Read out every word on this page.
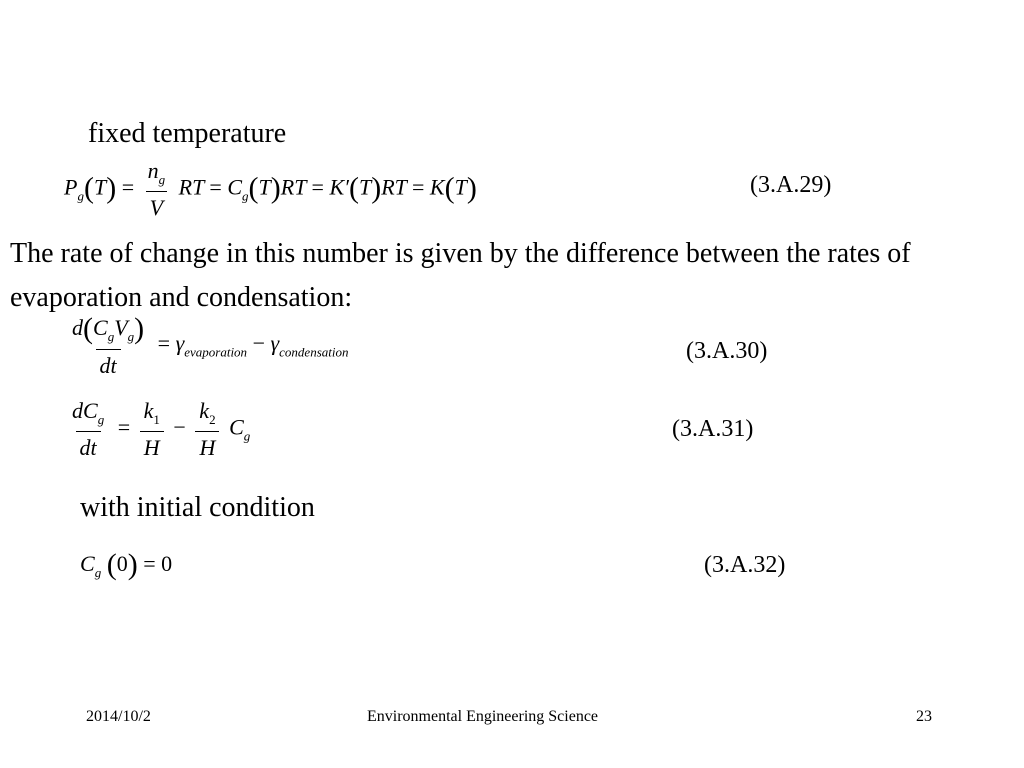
fixed temperature
$P_g(T) = \frac{n_g}{V}$ RT = $C_g(T)RT = K'(T)RT = K(T)$	(3.A.29)
The rate of change in this number is given by the difference between the rates of evaporation and condensation:
$\frac{d(C_gV_g)}{dt} = \gamma_{evaporation} - \gamma_{condensation}$	(3.A.30)
$\frac{dC_g}{dt} = \frac{k_1}{H} - \frac{k_2}{H} C_g$	(3.A.31)
with initial condition
$C_g$ (0) = 0	(3.A.32)
2014/10/2	Environmental Engineering Science	23
